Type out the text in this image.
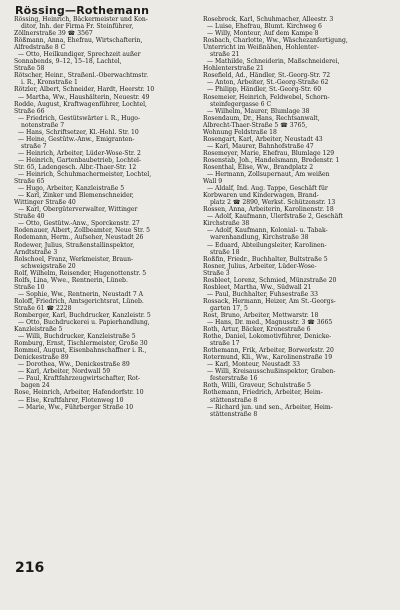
Rössing—Rothemann
Rössing, Heinrich, Bäckermeister und Kon-
ditor, Inh. der Firma Fr. Steinführer,
Zöllnerstraße 39 ☎ 3567
Rößmann, Anna, Ehefrau, Wirtschafterin,
Alfredstraße 8 C
— Otto, Heilkundiger, Sprechzeit außer
Sonnabends, 9–12, 15–18, Lachtel,
Straße 58
Rötscher, Heinr., Straßenl.-Oberwachtmstr.
i. R., Kronstraße 1
Rötzler, Albert, Schneider, Hardt, Heerstr. 10
— Martha, Ww., Haushälterin, Neuestr. 49
Rodde, August, Kraftwagenführer, Lochtel,
Straße 66
— Friedrich, Gestütswärter i. R., Hugo-
notenstraße 7
— Hans, Schriftsetzer, Kl.-Hehl. Str. 10
— Heine, Gestütw.-Anw., Emigranten-
straße 7
— Heinrich, Arbeiter, Lüder-Wose-Str. 2
— Heinrich, Gartenbaubetrieb, Lochtel-
Str. 65, Ladengesch. Albr.-Thaer-Str. 12
— Heinrich, Schuhmachermeister, Lochtel,
Straße 65
— Hugo, Arbeiter, Kanzleistraße 5
— Karl, Zinker und Blemenschneider,
Wittinger Straße 40
— Karl, Obergüterverwalter, Wittinger
Straße 40
— Otto, Gestütw.-Anw., Sporckenstr. 27
Rodenauer, Albert, Zollbeamter, Neue Str. 5
Rodemann, Herm., Aufseher, Neustadt 26
Rodewer, Julius, Straßenstallinspektor,
Arndtstraße 3
Rolschoel, Franz, Werkmeister, Braun-
schweigstraße 20
Rolf, Wilhelm, Reisender, Hugenottenstr. 5
Rolfs, Lina, Wwe., Rentnerin, Lüneb.
Straße 10
— Sophie, Ww., Rentnerin, Neustadt 7 A
Roloff, Friedrich, Amtsgerichtsrat, Lüneb.
Straße 61 ☎ 2228
Romberger, Karl, Buchdrucker, Kanzleistr. 5
— Otto, Buchdruckerei u. Papierhandlung,
Kanzleistraße 5
— Willi, Buchdrucker, Kanzleistraße 5
Romburg, Ernst, Tischlermeister, Große 30
Rommel, August, Eisenbahnschaffner i. R.,
Denickestraße 89
— Dorothea, Ww., Denickestraße 89
— Karl, Arbeiter, Nordwall 59
— Paul, Kraftfahrzeugwirtschafter, Rot-
bagen 24
Rose, Heinrich, Arbeiter, Hafendorfstr. 10
— Else, Kraftfahrer, Flotenweg 10
— Marie, Ww., Führberger Straße 10
Rosebrock, Karl, Schuhmacher, Alleestr. 3
— Luise, Ehefrau, Blumt. Kirchweg 6
— Willy, Monteur, Auf dem Kampe 8
Rosbach, Charlotte, Ww., Wäschezanfertigung,
Unterricht im Weißnähen, Hohlenter-
straße 21
— Mathilde, Schneiderin, Maßschneiderei,
Hohlenterstraße 21
Rosefield, Ad., Händler, St.-Georg-Str. 72
— Anton, Arbeiter, St.-Georg-Straße 62
— Philipp, Händler, St.-Georg-Str. 60
Rosemeier, Heinrich, Feldwebel, Schorn-
steinfegergasse 6 C
— Wilhelm, Maurer, Blumlage 38
Rosendaum, Dr., Hans, Rechtsanwalt,
Albrecht-Thaer-Straße 5 ☎ 3765,
Wohnung Feldstraße 18
Rosengart, Karl, Arbeiter, Neustadt 43
— Karl, Maurer, Bahnhofstraße 47
Rosemeyer, Marie, Ehefrau, Blumlage 129
Rosenstab, Joh., Handelsmann, Bredenstr. 1
Rosenthal, Elise, Ww., Brandplatz 2
— Hermann, Zollsupernaut, Am weißen
Wall 9
— Aldalf, Ind. Aug. Tappe, Geschäft für
Korbwaren und Kinderwagen, Brand-
platz 2 ☎ 2890, Werkst. Schützenstr. 13
Rossen, Anna, Arbeiterin, Karolinenstr. 18
— Adolf, Kaufmann, Ulerfstraße 2, Geschäft
Kirchstraße 38
— Adolf, Kaufmann, Kolonial- u. Tabak-
warenhandlung, Kirchstraße 38
— Eduard, Abteilungsleiter, Karolinen-
straße 18
Roßfin, Friedr., Buchhalter, Bultstraße 5
Rosner, Julius, Arbeiter, Lüder-Wose-
Straße 3
Rosbleet, Lorenz, Schmied, Münzstraße 20
Rosbleet, Martha, Ww., Südwall 21
— Paul, Buchhalter, Fuhsestraße 33
Rossack, Hermann, Heizer, Am St.-Georgs-
garten 17, 5
Rost, Bruno, Arbeiter, Mettwarstr. 18
— Hans, Dr. med., Magnusstr. 3 ☎ 3665
Roth, Artur, Bäcker, Kronestraße 6
Rothe, Daniel, Lokomotivführer, Denicke-
straße 17
Rothemann, Frik, Arbeiter, Borwerkstr. 20
Rotermund, Kli., Ww., Karolinenstraße 19
— Karl, Monteur, Neustadt 33
— Willi, Kreisausschußinspektor, Graben-
festerstraße 16
Roth, Willi, Graveur, Schulstraße 5
Rothemann, Friedrich, Arbeiter, Heim-
stättenstraße 8
— Richard jun. und sen., Arbeiter, Heim-
stättenstraße 8
216
